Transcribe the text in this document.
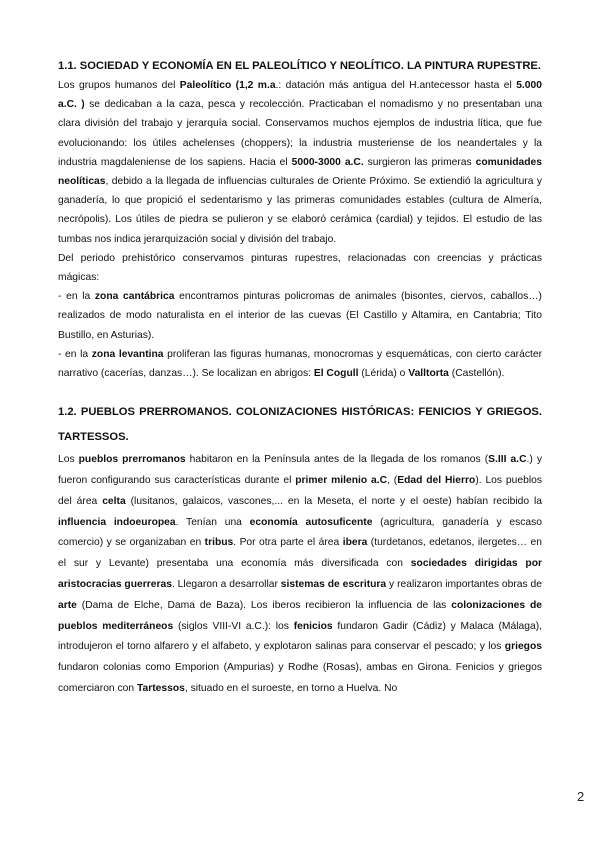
1.1. SOCIEDAD Y ECONOMÍA EN EL PALEOLÍTICO Y NEOLÍTICO. LA PINTURA RUPESTRE.

Los grupos humanos del Paleolítico (1,2 m.a.: datación más antigua del H.antecessor hasta el 5.000 a.C. ) se dedicaban a la caza, pesca y recolección. Practicaban el nomadismo y no presentaban una clara división del trabajo y jerarquía social. Conservamos muchos ejemplos de industria lítica, que fue evolucionando: los útiles achelenses (choppers); la industria musteriense de los neandertales y la industria magdaleniense de los sapiens. Hacia el 5000-3000 a.C. surgieron las primeras comunidades neolíticas, debido a la llegada de influencias culturales de Oriente Próximo. Se extiendió la agricultura y ganadería, lo que propició el sedentarismo y las primeras comunidades estables (cultura de Almería, necrópolis). Los útiles de piedra se pulieron y se elaboró cerámica (cardial) y tejidos. El estudio de las tumbas nos indica jerarquización social y división del trabajo.

Del periodo prehistórico conservamos pinturas rupestres, relacionadas con creencias y prácticas mágicas:

- en la zona cantábrica encontramos pinturas policromas de animales (bisontes, ciervos, caballos…) realizados de modo naturalista en el interior de las cuevas (El Castillo y Altamira, en Cantabria; Tito Bustillo, en Asturias).

- en la zona levantina proliferan las figuras humanas, monocromas y esquemáticas, con cierto carácter narrativo (cacerías, danzas…). Se localizan en abrigos: El Cogull (Lérida) o Valltorta (Castellón).

1.2. PUEBLOS PRERROMANOS. COLONIZACIONES HISTÓRICAS: FENICIOS Y GRIEGOS. TARTESSOS.

Los pueblos prerromanos habitaron en la Península antes de la llegada de los romanos (S.III a.C.) y fueron configurando sus características durante el primer milenio a.C, (Edad del Hierro). Los pueblos del área celta (lusitanos, galaicos, vascones,... en la Meseta, el norte y el oeste) habían recibido la influencia indoeuropea. Tenían una economía autosuficente (agricultura, ganadería y escaso comercio) y se organizaban en tribus. Por otra parte el área ibera (turdetanos, edetanos, ilergetes… en el sur y Levante) presentaba una economía más diversificada con sociedades dirigidas por aristocracias guerreras. Llegaron a desarrollar sistemas de escritura y realizaron importantes obras de arte (Dama de Elche, Dama de Baza). Los iberos recibieron la influencia de las colonizaciones de pueblos mediterráneos (siglos VIII-VI a.C.): los fenicios fundaron Gadir (Cádiz) y Malaca (Málaga), introdujeron el torno alfarero y el alfabeto, y explotaron salinas para conservar el pescado; y los griegos fundaron colonias como Emporion (Ampurias) y Rodhe (Rosas), ambas en Girona. Fenicios y griegos comerciaron con Tartessos, situado en el suroeste, en torno a Huelva. No

2
